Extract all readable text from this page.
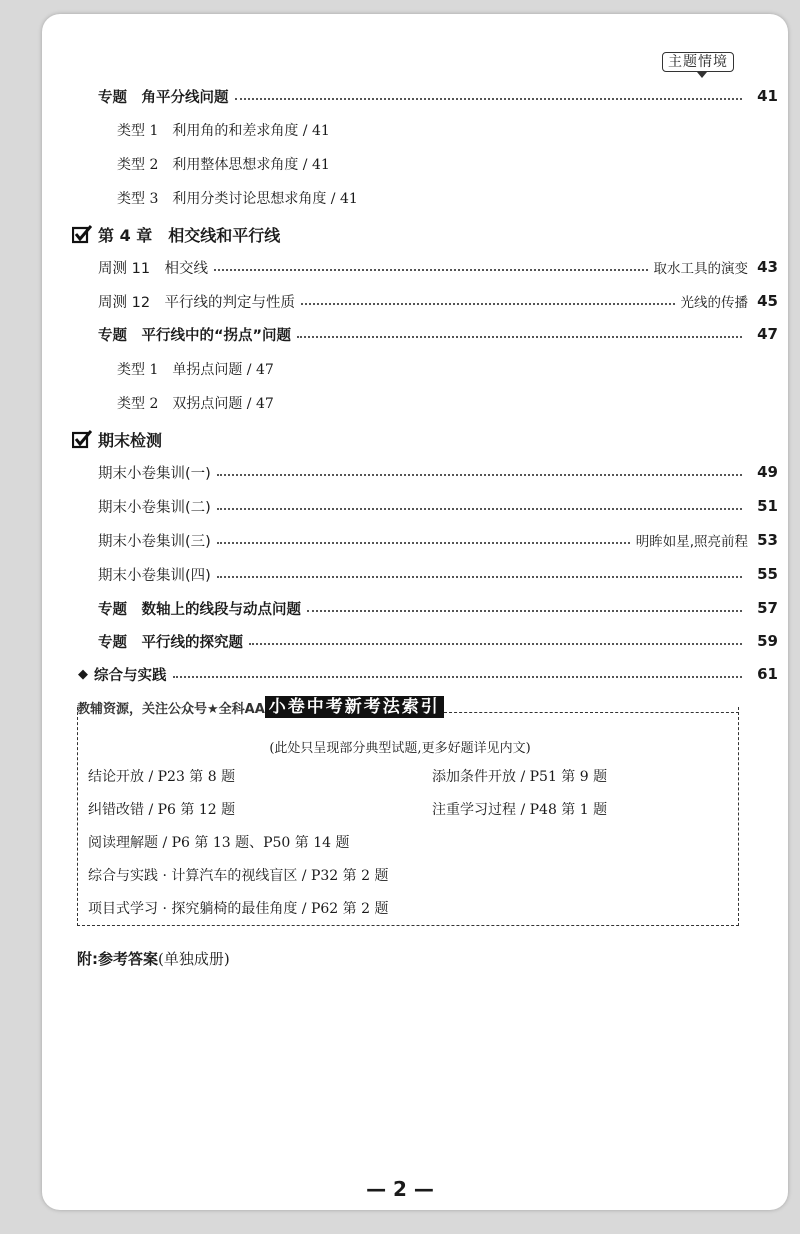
主题情境
专题　角平分线问题	41
类型 1　利用角的和差求角度 / 41
类型 2　利用整体思想求角度 / 41
类型 3　利用分类讨论思想求角度 / 41
第 4 章　相交线和平行线
周测 11　相交线	取水工具的演变 43
周测 12　平行线的判定与性质	光线的传播 45
专题　平行线中的“拐点”问题	47
类型 1　单拐点问题 / 47
类型 2　双拐点问题 / 47
期末检测
期末小卷集训(一)	49
期末小卷集训(二)	51
期末小卷集训(三)	明眸如星,照亮前程 53
期末小卷集训(四)	55
专题　数轴上的线段与动点问题	57
专题　平行线的探究题	59
◆ 综合与实践	61
教辅资源，关注公众号★全科AA 小卷中考新考法索引
(此处只呈现部分典型试题,更多好题详见内文)
结论开放 / P23 第 8 题	添加条件开放 / P51 第 9 题
纠错改错 / P6 第 12 题	注重学习过程 / P48 第 1 题
阅读理解题 / P6 第 13 题、P50 第 14 题
综合与实践 · 计算汽车的视线盲区 / P32 第 2 题
项目式学习 · 探究躺椅的最佳角度 / P62 第 2 题
附:参考答案(单独成册)
— 2 —
